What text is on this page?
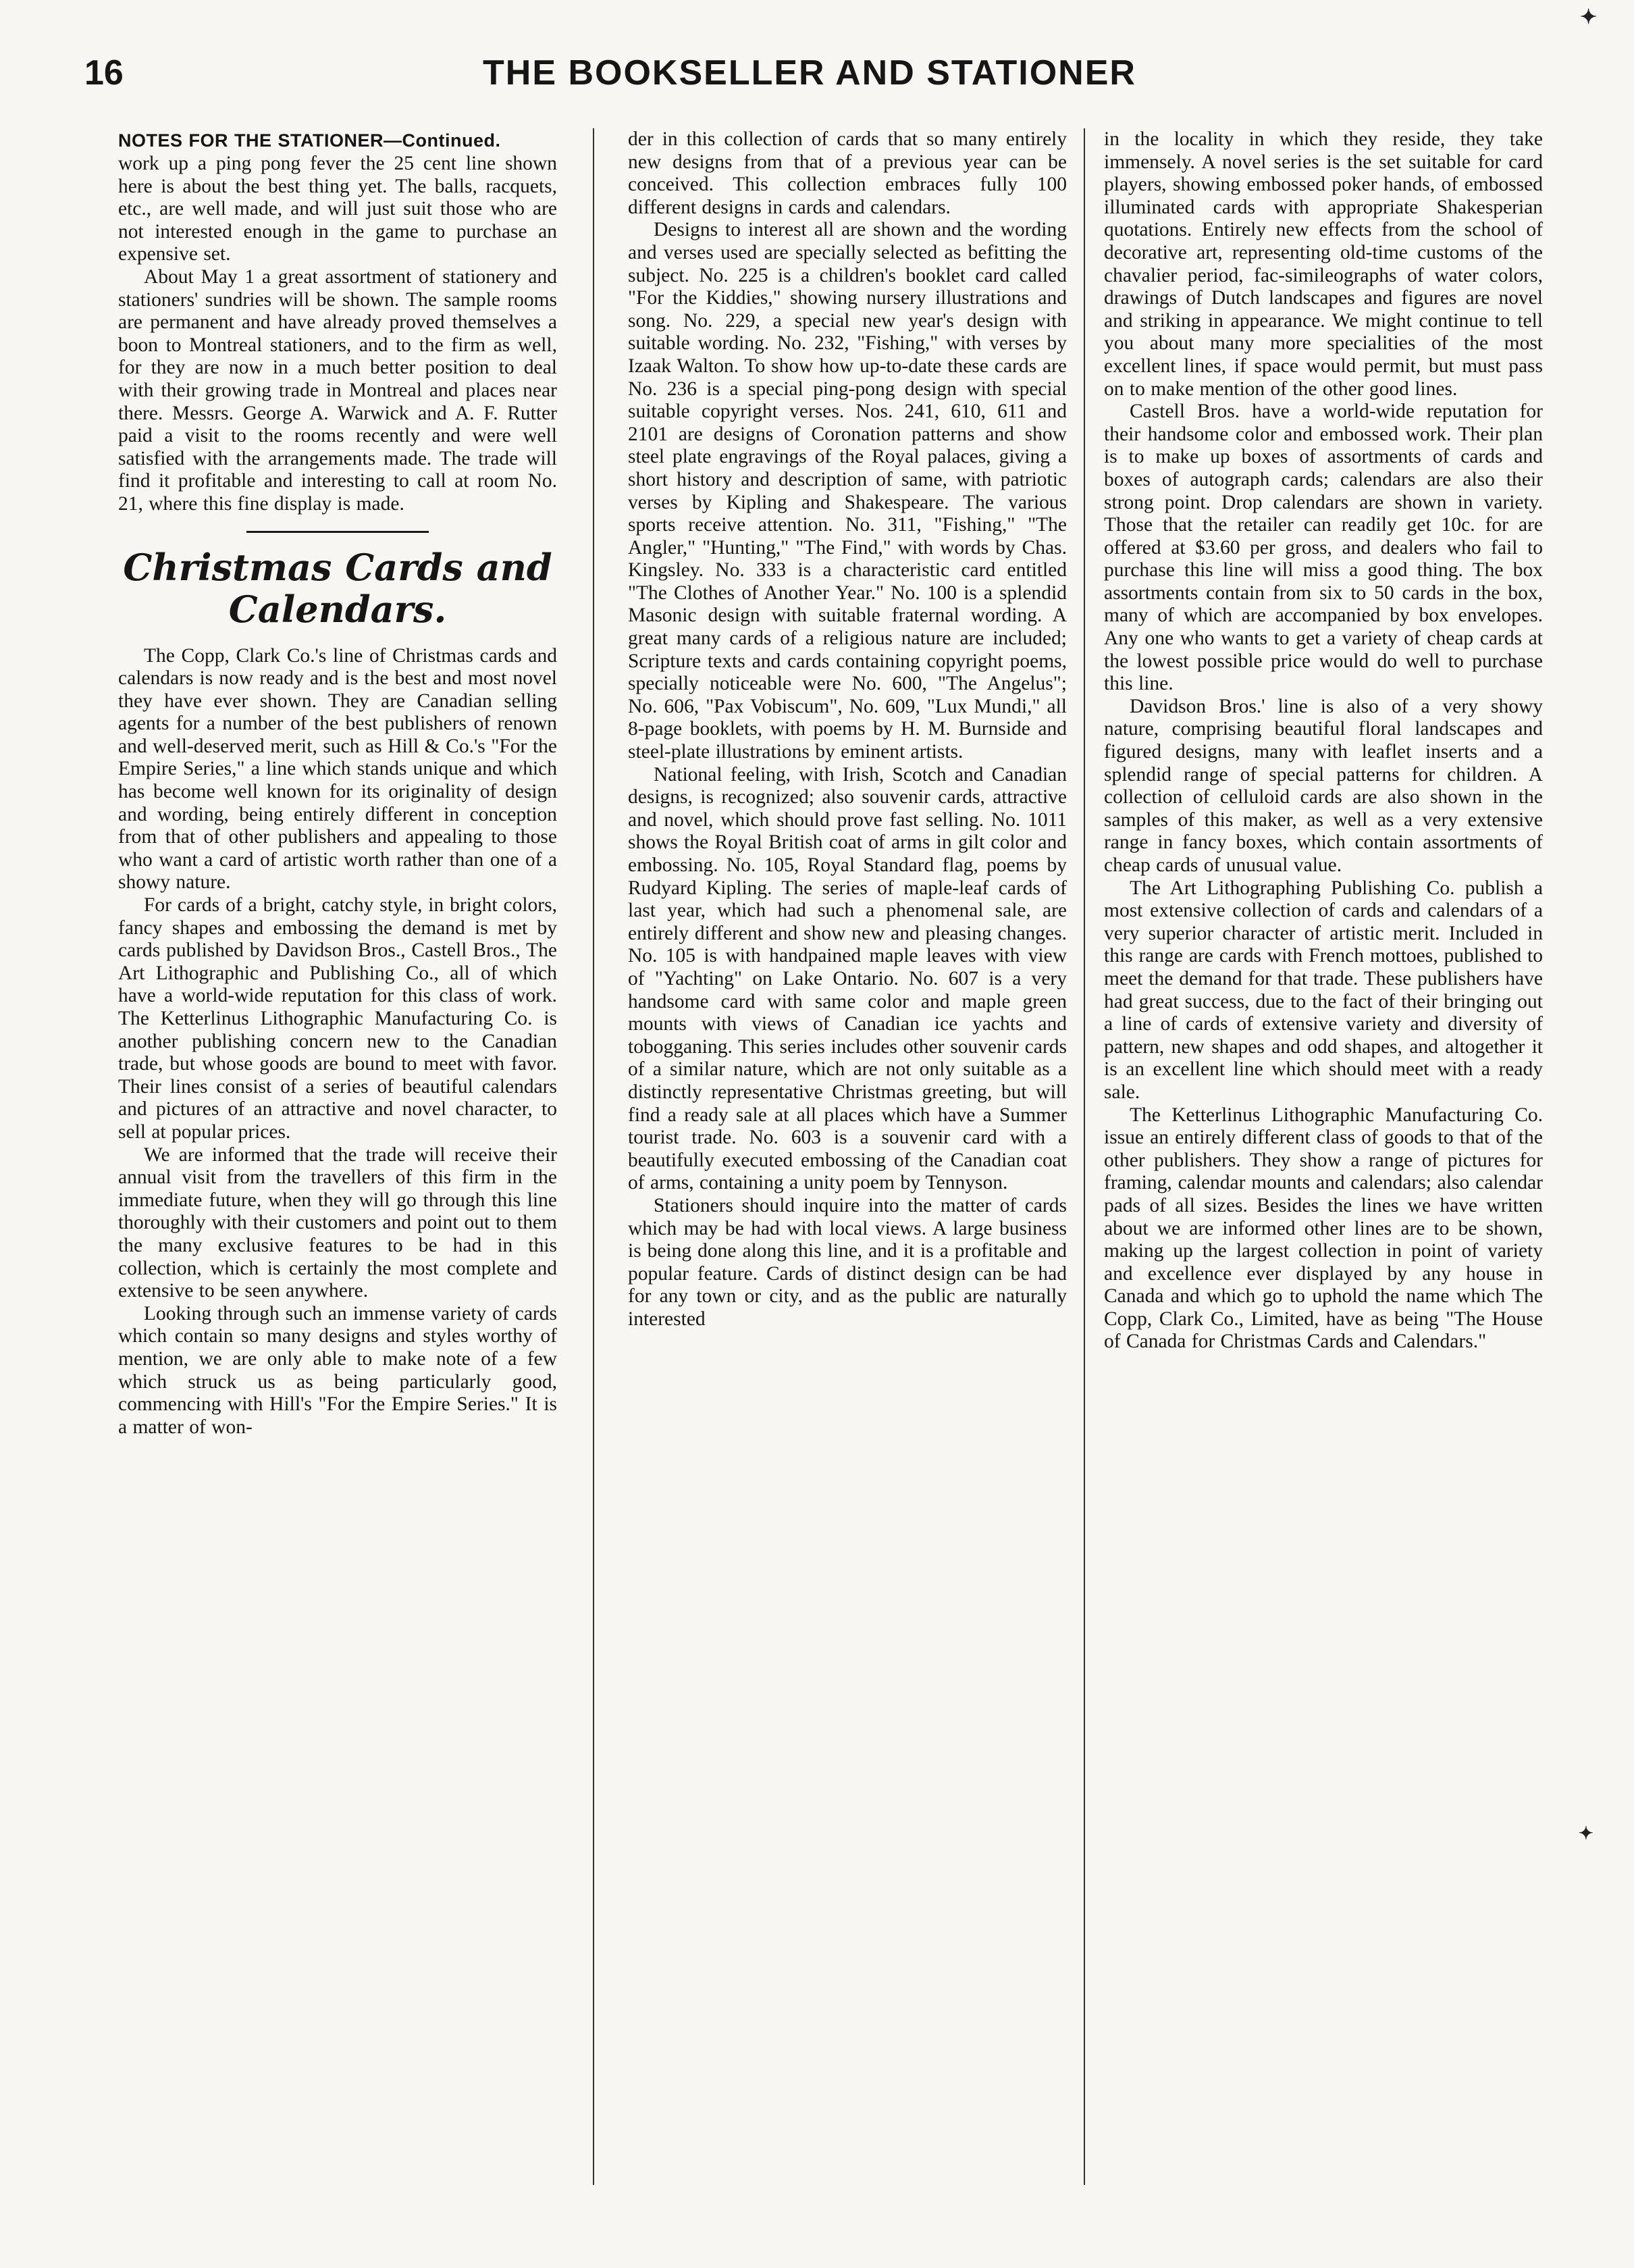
16	THE BOOKSELLER AND STATIONER
NOTES FOR THE STATIONER—Continued.

work up a ping pong fever the 25 cent line shown here is about the best thing yet. The balls, racquets, etc., are well made, and will just suit those who are not interested enough in the game to purchase an expensive set.

About May 1 a great assortment of stationery and stationers' sundries will be shown. The sample rooms are permanent and have already proved themselves a boon to Montreal stationers, and to the firm as well, for they are now in a much better position to deal with their growing trade in Montreal and places near there. Messrs. George A. Warwick and A. F. Rutter paid a visit to the rooms recently and were well satisfied with the arrangements made. The trade will find it profitable and interesting to call at room No. 21, where this fine display is made.

Christmas Cards and Calendars.

The Copp, Clark Co.'s line of Christmas cards and calendars is now ready and is the best and most novel they have ever shown. They are Canadian selling agents for a number of the best publishers of renown and well-deserved merit, such as Hill & Co.'s "For the Empire Series," a line which stands unique and which has become well known for its originality of design and wording, being entirely different in conception from that of other publishers and appealing to those who want a card of artistic worth rather than one of a showy nature.

For cards of a bright, catchy style, in bright colors, fancy shapes and embossing the demand is met by cards published by Davidson Bros., Castell Bros., The Art Lithographic and Publishing Co., all of which have a world-wide reputation for this class of work. The Ketterlinus Lithographic Manufacturing Co. is another publishing concern new to the Canadian trade, but whose goods are bound to meet with favor. Their lines consist of a series of beautiful calendars and pictures of an attractive and novel character, to sell at popular prices.

We are informed that the trade will receive their annual visit from the travellers of this firm in the immediate future, when they will go through this line thoroughly with their customers and point out to them the many exclusive features to be had in this collection, which is certainly the most complete and extensive to be seen anywhere.

Looking through such an immense variety of cards which contain so many designs and styles worthy of mention, we are only able to make note of a few which struck us as being particularly good, commencing with Hill's "For the Empire Series." It is a matter of won-

der in this collection of cards that so many entirely new designs from that of a previous year can be conceived. This collection embraces fully 100 different designs in cards and calendars.

Designs to interest all are shown and the wording and verses used are specially selected as befitting the subject. No. 225 is a children's booklet card called "For the Kiddies," showing nursery illustrations and song. No. 229, a special new year's design with suitable wording. No. 232, "Fishing," with verses by Izaak Walton. To show how up-to-date these cards are No. 236 is a special ping-pong design with special suitable copyright verses. Nos. 241, 610, 611 and 2101 are designs of Coronation patterns and show steel plate engravings of the Royal palaces, giving a short history and description of same, with patriotic verses by Kipling and Shakespeare. The various sports receive attention. No. 311, "Fishing," "The Angler," "Hunting," "The Find," with words by Chas. Kingsley. No. 333 is a characteristic card entitled "The Clothes of Another Year." No. 100 is a splendid Masonic design with suitable fraternal wording. A great many cards of a religious nature are included; Scripture texts and cards containing copyright poems, specially noticeable were No. 600, "The Angelus"; No. 606, "Pax Vobiscum", No. 609, "Lux Mundi," all 8-page booklets, with poems by H. M. Burnside and steel-plate illustrations by eminent artists.

National feeling, with Irish, Scotch and Canadian designs, is recognized; also souvenir cards, attractive and novel, which should prove fast selling. No. 1011 shows the Royal British coat of arms in gilt color and embossing. No. 105, Royal Standard flag, poems by Rudyard Kipling. The series of maple-leaf cards of last year, which had such a phenomenal sale, are entirely different and show new and pleasing changes. No. 105 is with handpained maple leaves with view of "Yachting" on Lake Ontario. No. 607 is a very handsome card with same color and maple green mounts with views of Canadian ice yachts and tobogganing. This series includes other souvenir cards of a similar nature, which are not only suitable as a distinctly representative Christmas greeting, but will find a ready sale at all places which have a Summer tourist trade. No. 603 is a souvenir card with a beautifully executed embossing of the Canadian coat of arms, containing a unity poem by Tennyson.

Stationers should inquire into the matter of cards which may be had with local views. A large business is being done along this line, and it is a profitable and popular feature. Cards of distinct design can be had for any town or city, and as the public are naturally interested

in the locality in which they reside, they take immensely. A novel series is the set suitable for card players, showing embossed poker hands, of embossed illuminated cards with appropriate Shakesperian quotations. Entirely new effects from the school of decorative art, representing old-time customs of the chavalier period, fac-simileographs of water colors, drawings of Dutch landscapes and figures are novel and striking in appearance. We might continue to tell you about many more specialities of the most excellent lines, if space would permit, but must pass on to make mention of the other good lines.

Castell Bros. have a world-wide reputation for their handsome color and embossed work. Their plan is to make up boxes of assortments of cards and boxes of autograph cards; calendars are also their strong point. Drop calendars are shown in variety. Those that the retailer can readily get 10c. for are offered at $3.60 per gross, and dealers who fail to purchase this line will miss a good thing. The box assortments contain from six to 50 cards in the box, many of which are accompanied by box envelopes. Any one who wants to get a variety of cheap cards at the lowest possible price would do well to purchase this line.

Davidson Bros.' line is also of a very showy nature, comprising beautiful floral landscapes and figured designs, many with leaflet inserts and a splendid range of special patterns for children. A collection of celluloid cards are also shown in the samples of this maker, as well as a very extensive range in fancy boxes, which contain assortments of cheap cards of unusual value.

The Art Lithographing Publishing Co. publish a most extensive collection of cards and calendars of a very superior character of artistic merit. Included in this range are cards with French mottoes, published to meet the demand for that trade. These publishers have had great success, due to the fact of their bringing out a line of cards of extensive variety and diversity of pattern, new shapes and odd shapes, and altogether it is an excellent line which should meet with a ready sale.

The Ketterlinus Lithographic Manufacturing Co. issue an entirely different class of goods to that of the other publishers. They show a range of pictures for framing, calendar mounts and calendars; also calendar pads of all sizes. Besides the lines we have written about we are informed other lines are to be shown, making up the largest collection in point of variety and excellence ever displayed by any house in Canada and which go to uphold the name which The Copp, Clark Co., Limited, have as being "The House of Canada for Christmas Cards and Calendars."

✦
✦
